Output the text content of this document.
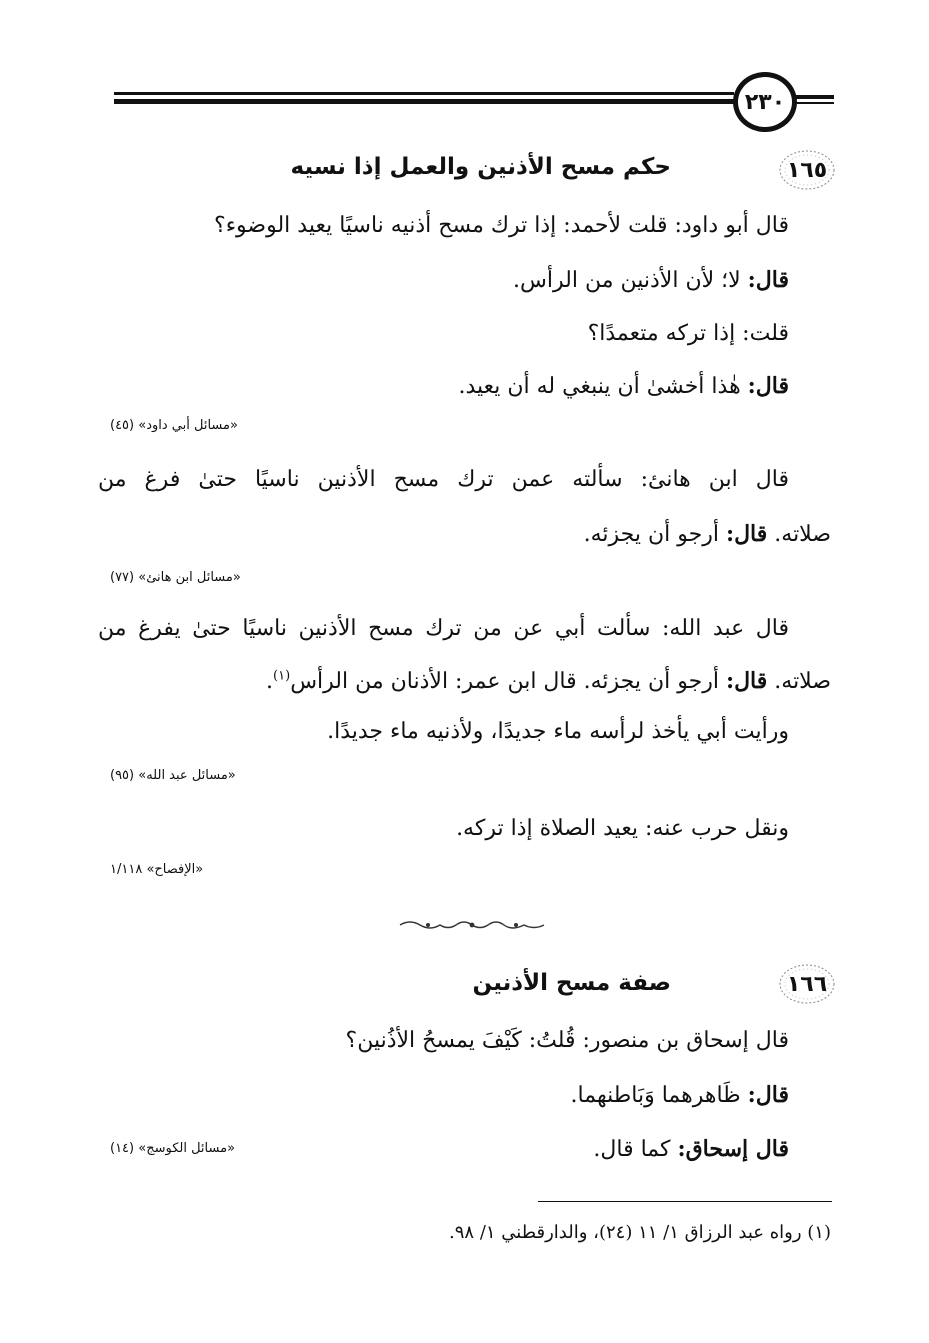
٢٣٠
١٦٥
حكم مسح الأذنين والعمل إذا نسيه
قال أبو داود: قلت لأحمد: إذا ترك مسح أذنيه ناسيًا يعيد الوضوء؟
قال: لا؛ لأن الأذنين من الرأس.
قلت: إذا تركه متعمدًا؟
قال: هٰذا أخشىٰ أن ينبغي له أن يعيد.
«مسائل أبي داود» (٤٥)
قال ابن هانئ: سألته عمن ترك مسح الأذنين ناسيًا حتىٰ فرغ من
صلاته. قال: أرجو أن يجزئه.
«مسائل ابن هانئ» (٧٧)
قال عبد الله: سألت أبي عن من ترك مسح الأذنين ناسيًا حتىٰ يفرغ من
صلاته. قال: أرجو أن يجزئه. قال ابن عمر: الأذنان من الرأس$^{(١)}$.
ورأيت أبي يأخذ لرأسه ماء جديدًا، ولأذنيه ماء جديدًا.
«مسائل عبد الله» (٩٥)
ونقل حرب عنه: يعيد الصلاة إذا تركه.
«الإفصاح» ١/١١٨
١٦٦
صفة مسح الأذنين
قال إسحاق بن منصور: قُلتُ: كَيْفَ يمسحُ الأذُنين؟
قال: ظَاهرهما وَبَاطنهما.
قال إسحاق: كما قال.
«مسائل الكوسج» (١٤)
(١) رواه عبد الرزاق ١/ ١١ (٢٤)، والدارقطني ١/ ٩٨.
